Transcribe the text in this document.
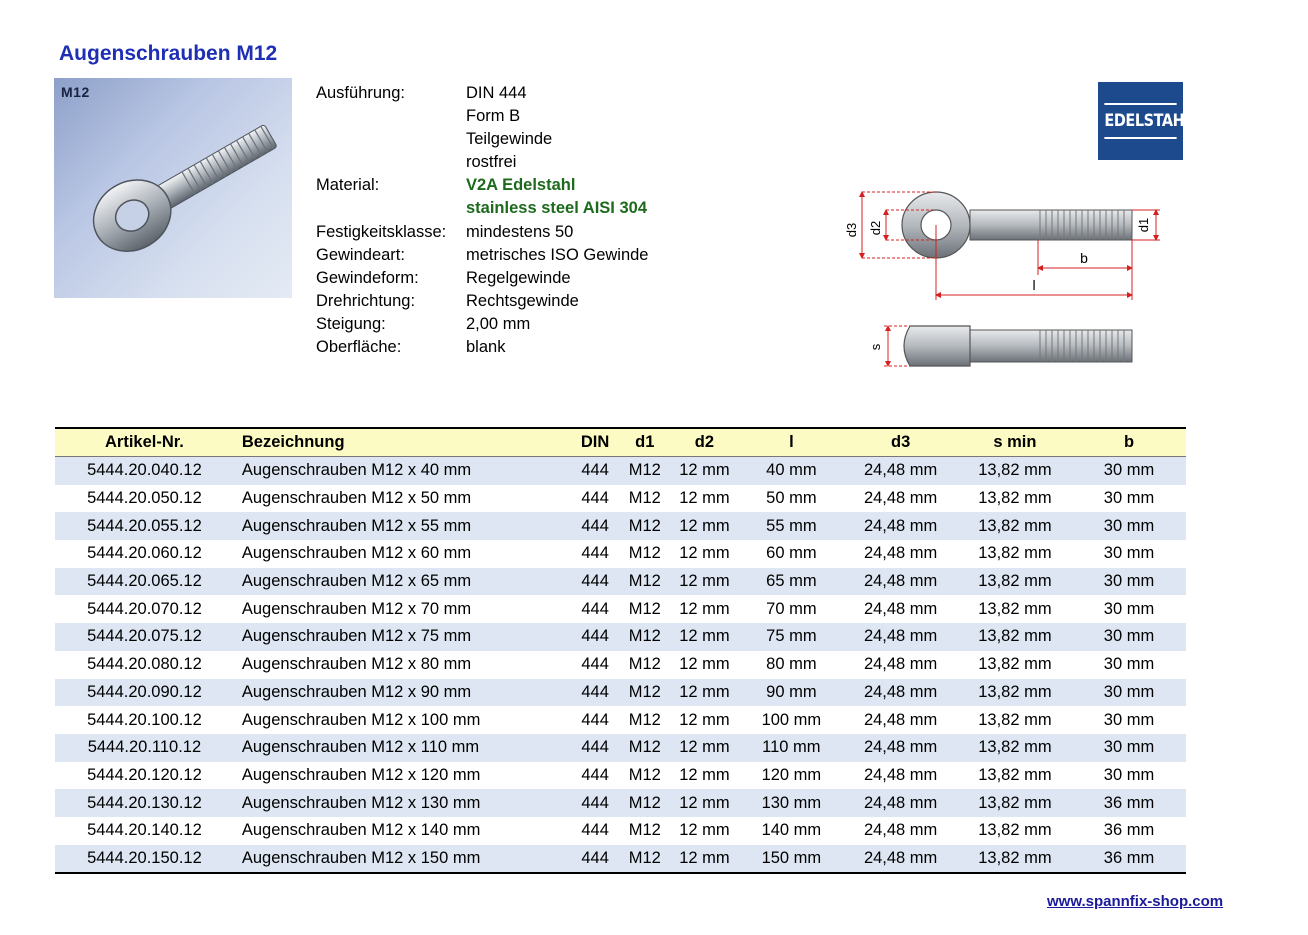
Augenschrauben M12
M12	Ausführung:	DIN 444
Form B
Teilgewinde
rostfrei
Material:	V2A Edelstahl
stainless steel AISI 304
Festigkeitsklasse:	mindestens 50
Gewindeart:	metrisches ISO Gewinde
Gewindeform:	Regelgewinde
Drehrichtung:	Rechtsgewinde
Steigung:	2,00 mm
Oberfläche:	blank
EDELSTAHL
d3 d2	d1
b
l
s
Artikel-Nr.	Bezeichnung	DIN	d1	d2	l	d3	s min	b
5444.20.040.12	Augenschrauben M12 x 40 mm	444	M12	12 mm	40 mm	24,48 mm	13,82 mm	30 mm
5444.20.050.12	Augenschrauben M12 x 50 mm	444	M12	12 mm	50 mm	24,48 mm	13,82 mm	30 mm
5444.20.055.12	Augenschrauben M12 x 55 mm	444	M12	12 mm	55 mm	24,48 mm	13,82 mm	30 mm
5444.20.060.12	Augenschrauben M12 x 60 mm	444	M12	12 mm	60 mm	24,48 mm	13,82 mm	30 mm
5444.20.065.12	Augenschrauben M12 x 65 mm	444	M12	12 mm	65 mm	24,48 mm	13,82 mm	30 mm
5444.20.070.12	Augenschrauben M12 x 70 mm	444	M12	12 mm	70 mm	24,48 mm	13,82 mm	30 mm
5444.20.075.12	Augenschrauben M12 x 75 mm	444	M12	12 mm	75 mm	24,48 mm	13,82 mm	30 mm
5444.20.080.12	Augenschrauben M12 x 80 mm	444	M12	12 mm	80 mm	24,48 mm	13,82 mm	30 mm
5444.20.090.12	Augenschrauben M12 x 90 mm	444	M12	12 mm	90 mm	24,48 mm	13,82 mm	30 mm
5444.20.100.12	Augenschrauben M12 x 100 mm	444	M12	12 mm	100 mm	24,48 mm	13,82 mm	30 mm
5444.20.110.12	Augenschrauben M12 x 110 mm	444	M12	12 mm	110 mm	24,48 mm	13,82 mm	30 mm
5444.20.120.12	Augenschrauben M12 x 120 mm	444	M12	12 mm	120 mm	24,48 mm	13,82 mm	30 mm
5444.20.130.12	Augenschrauben M12 x 130 mm	444	M12	12 mm	130 mm	24,48 mm	13,82 mm	36 mm
5444.20.140.12	Augenschrauben M12 x 140 mm	444	M12	12 mm	140 mm	24,48 mm	13,82 mm	36 mm
5444.20.150.12	Augenschrauben M12 x 150 mm	444	M12	12 mm	150 mm	24,48 mm	13,82 mm	36 mm
www.spannfix-shop.com
